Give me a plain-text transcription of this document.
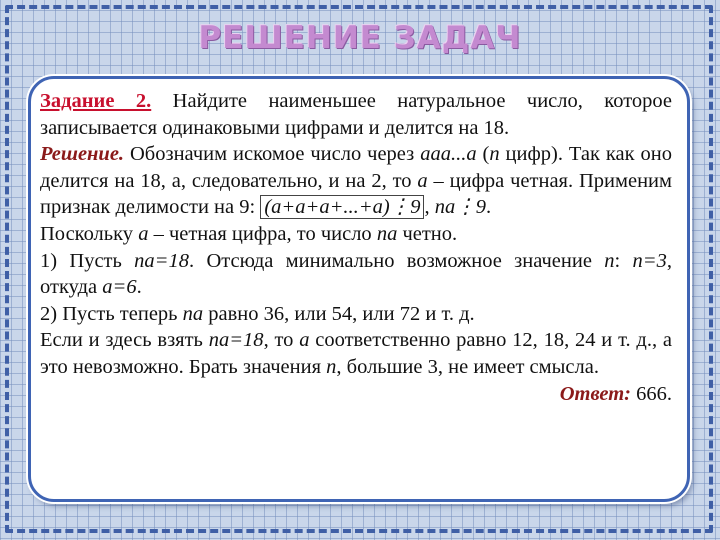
РЕШЕНИЕ ЗАДАЧ

Задание 2. Найдите наименьшее натуральное число, которое записывается одинаковыми цифрами и делится на 18.

Решение. Обозначим искомое число через aaa...a (n цифр). Так как оно делится на 18, а, следовательно, и на 2, то a – цифра четная. Применим признак делимости на 9: (a+a+a+...+a)⋮9 , na⋮9.

Поскольку a – четная цифра, то число na четно.

1) Пусть na=18. Отсюда минимально возможное значение n: n=3, откуда a=6.

2) Пусть теперь na равно 36, или 54, или 72 и т. д.

Если и здесь взять na=18, то a соответственно равно 12, 18, 24 и т. д., а это невозможно. Брать значения n, большие 3, не имеет смысла.
Ответ: 666.
